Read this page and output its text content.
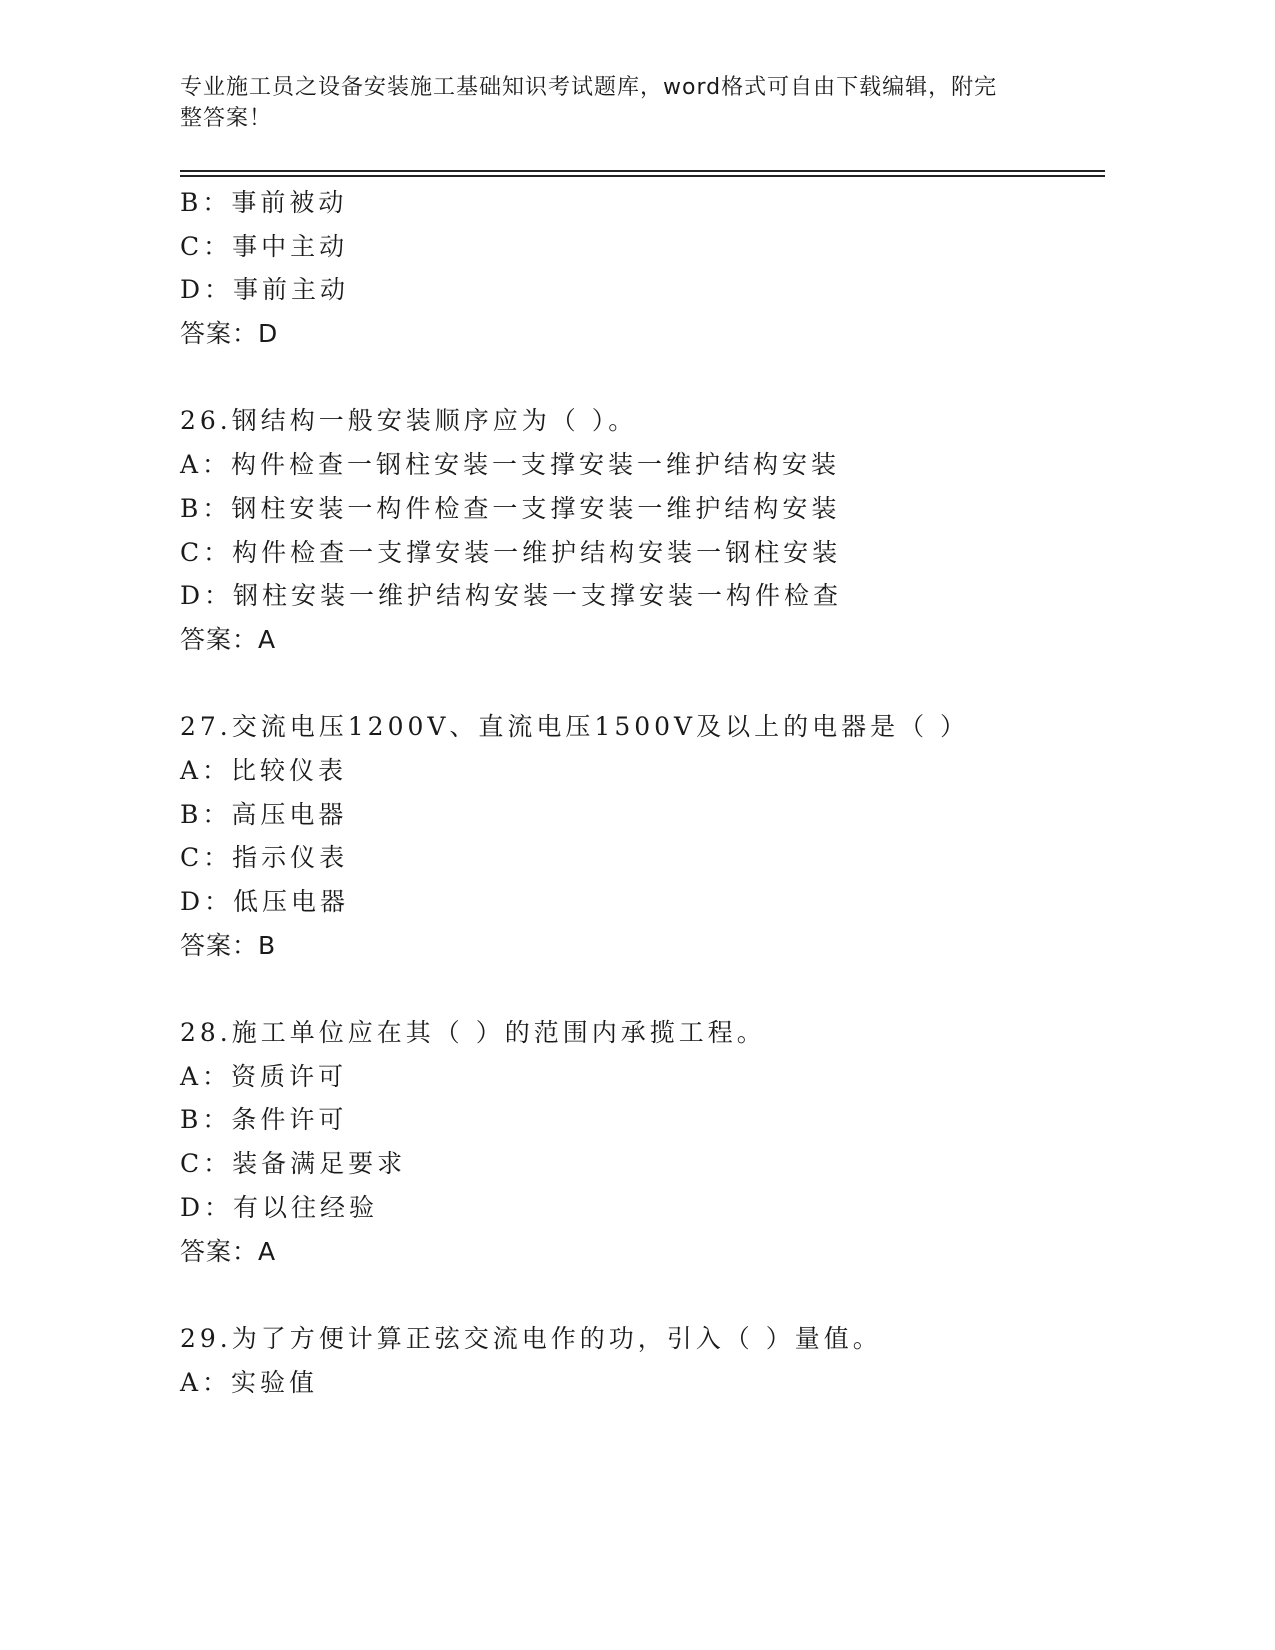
专业施工员之设备安装施工基础知识考试题库，word格式可自由下载编辑，附完
整答案！
B：事前被动
C：事中主动
D：事前主动
答案：D
26.钢结构一般安装顺序应为（ ）。
A：构件检查一钢柱安装一支撑安装一维护结构安装
B：钢柱安装一构件检查一支撑安装一维护结构安装
C：构件检查一支撑安装一维护结构安装一钢柱安装
D：钢柱安装一维护结构安装一支撑安装一构件检查
答案：A
27.交流电压1200V、直流电压1500V及以上的电器是（ ）
A：比较仪表
B：高压电器
C：指示仪表
D：低压电器
答案：B
28.施工单位应在其（ ）的范围内承揽工程。
A：资质许可
B：条件许可
C：装备满足要求
D：有以往经验
答案：A
29.为了方便计算正弦交流电作的功，引入（ ）量值。
A：实验值
